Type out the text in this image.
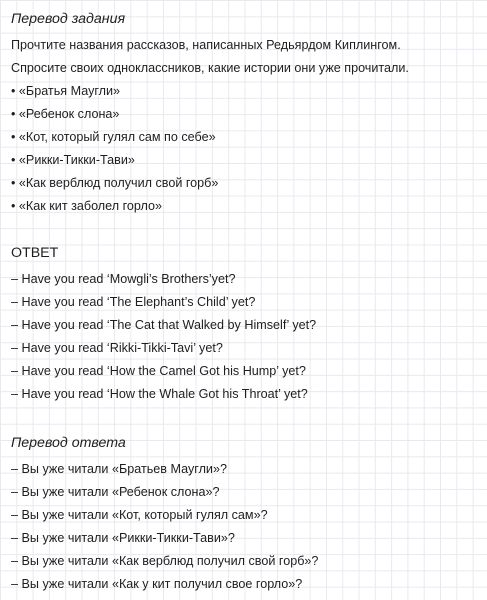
Перевод задания
Прочтите названия рассказов, написанных Редьярдом Киплингом.
Спросите своих одноклассников, какие истории они уже прочитали.
• «Братья Маугли»
• «Ребенок слона»
• «Кот, который гулял сам по себе»
• «Рикки-Тикки-Тави»
• «Как верблюд получил свой горб»
• «Как кит заболел горло»
ОТВЕТ
– Have you read ‘Mowgli’s Brothers’yet?
– Have you read ‘The Elephant’s Child’ yet?
– Have you read ‘The Cat that Walked by Himself’ yet?
– Have you read ‘Rikki-Tikki-Tavi’ yet?
– Have you read ‘How the Camel Got his Hump’ yet?
– Have you read ‘How the Whale Got his Throat’ yet?
Перевод ответа
– Вы уже читали «Братьев Маугли»?
– Вы уже читали «Ребенок слона»?
– Вы уже читали «Кот, который гулял сам»?
– Вы уже читали «Рикки-Тикки-Тави»?
– Вы уже читали «Как верблюд получил свой горб»?
– Вы уже читали «Как у кит получил свое горло»?
